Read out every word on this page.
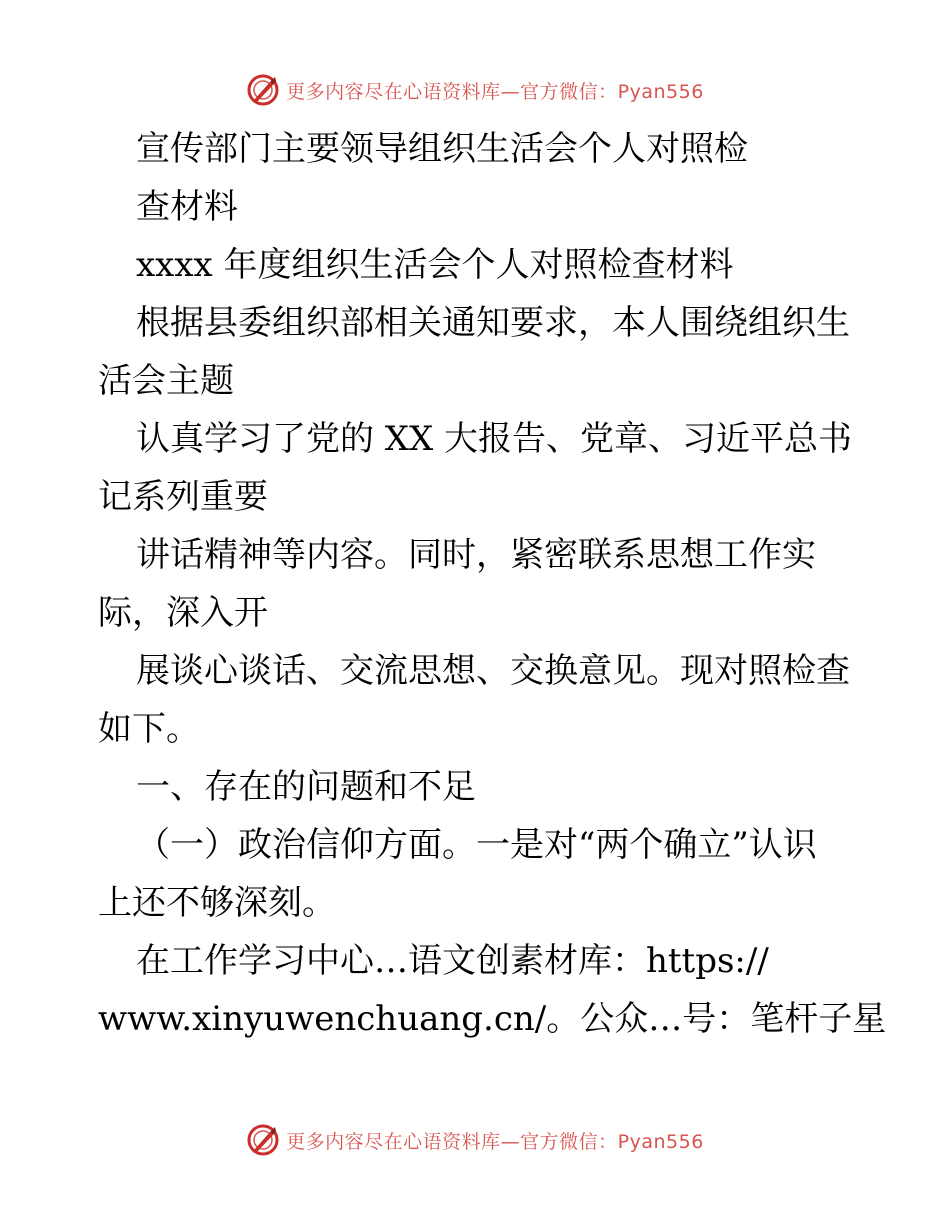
更多内容尽在心语资料库—官方微信：Pyan556

宣传部门主要领导组织生活会个人对照检

查材料

xxxx 年度组织生活会个人对照检查材料

根据县委组织部相关通知要求，本人围绕组织生

活会主题

认真学习了党的 XX 大报告、党章、习近平总书

记系列重要

讲话精神等内容。同时，紧密联系思想工作实

际，深入开

展谈心谈话、交流思想、交换意见。现对照检查

如下。

一、存在的问题和不足

（一）政治信仰方面。一是对“两个确立”认识

上还不够深刻。

在工作学习中心…语文创素材库：https://

www.xinyuwenchuang.cn/。公众…号：笔杆子星

更多内容尽在心语资料库—官方微信：Pyan556
